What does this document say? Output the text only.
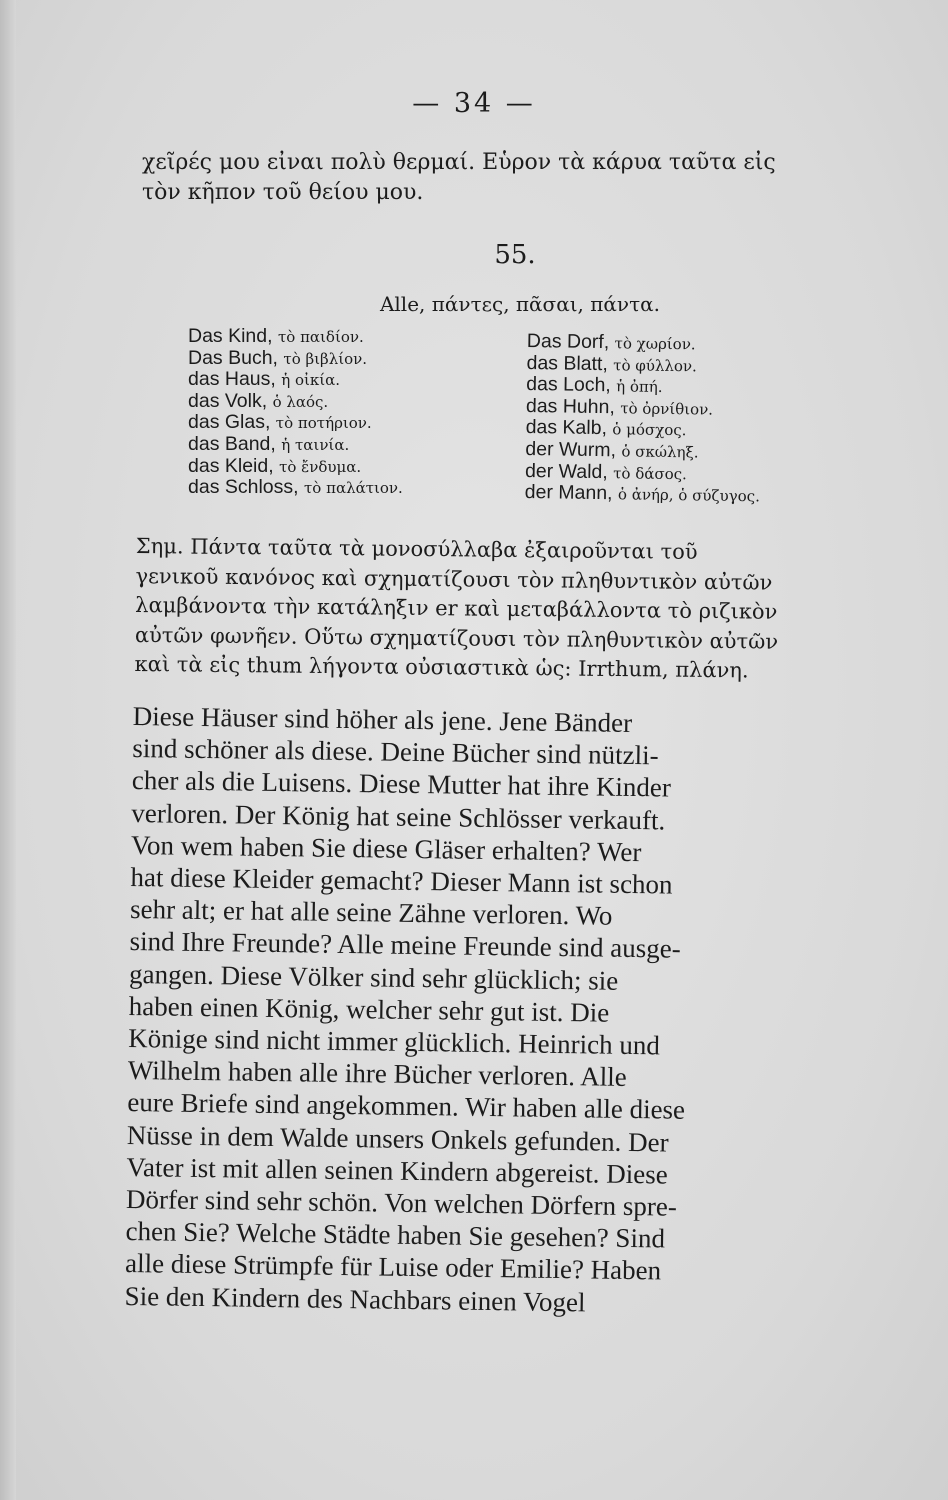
— 34 —
χεῖρές μου εἶναι πολὺ θερμαί. Εὗρον τὰ κάρυα ταῦτα εἰς
τὸν κῆπον τοῦ θείου μου.
55.
Alle, πάντες, πᾶσαι, πάντα.
Das Kind, τὸ παιδίον.
Das Buch, τὸ βιβλίον.
das Haus, ἡ οἰκία.
das Volk, ὁ λαός.
das Glas, τὸ ποτήριον.
das Band, ἡ ταινία.
das Kleid, τὸ ἔνδυμα.
das Schloss, τὸ παλάτιον.
Das Dorf, τὸ χωρίον.
das Blatt, τὸ φύλλον.
das Loch, ἡ ὀπή.
das Huhn, τὸ ὀρνίθιον.
das Kalb, ὁ μόσχος.
der Wurm, ὁ σκώληξ.
der Wald, τὸ δάσος.
der Mann, ὁ ἀνήρ, ὁ σύζυγος.
Σημ. Πάντα ταῦτα τὰ μονοσύλλαβα ἐξαιροῦνται τοῦ
γενικοῦ κανόνος καὶ σχηματίζουσι τὸν πληθυντικὸν αὐτῶν
λαμβάνοντα τὴν κατάληξιν er καὶ μεταβάλλοντα τὸ ριζικὸν
αὐτῶν φωνῆεν. Οὕτω σχηματίζουσι τὸν πληθυντικὸν αὐτῶν
καὶ τὰ εἰς thum λήγοντα οὐσιαστικὰ ὡς: Irrthum, πλάνη.
Diese Häuser sind höher als jene. Jene Bänder
sind schöner als diese. Deine Bücher sind nützli-
cher als die Luisens. Diese Mutter hat ihre Kinder
verloren. Der König hat seine Schlösser verkauft.
Von wem haben Sie diese Gläser erhalten? Wer
hat diese Kleider gemacht? Dieser Mann ist schon
sehr alt; er hat alle seine Zähne verloren. Wo
sind Ihre Freunde? Alle meine Freunde sind ausge-
gangen. Diese Völker sind sehr glücklich; sie
haben einen König, welcher sehr gut ist. Die
Könige sind nicht immer glücklich. Heinrich und
Wilhelm haben alle ihre Bücher verloren. Alle
eure Briefe sind angekommen. Wir haben alle diese
Nüsse in dem Walde unsers Onkels gefunden. Der
Vater ist mit allen seinen Kindern abgereist. Diese
Dörfer sind sehr schön. Von welchen Dörfern spre-
chen Sie? Welche Städte haben Sie gesehen? Sind
alle diese Strümpfe für Luise oder Emilie? Haben
Sie den Kindern des Nachbars einen Vogel
